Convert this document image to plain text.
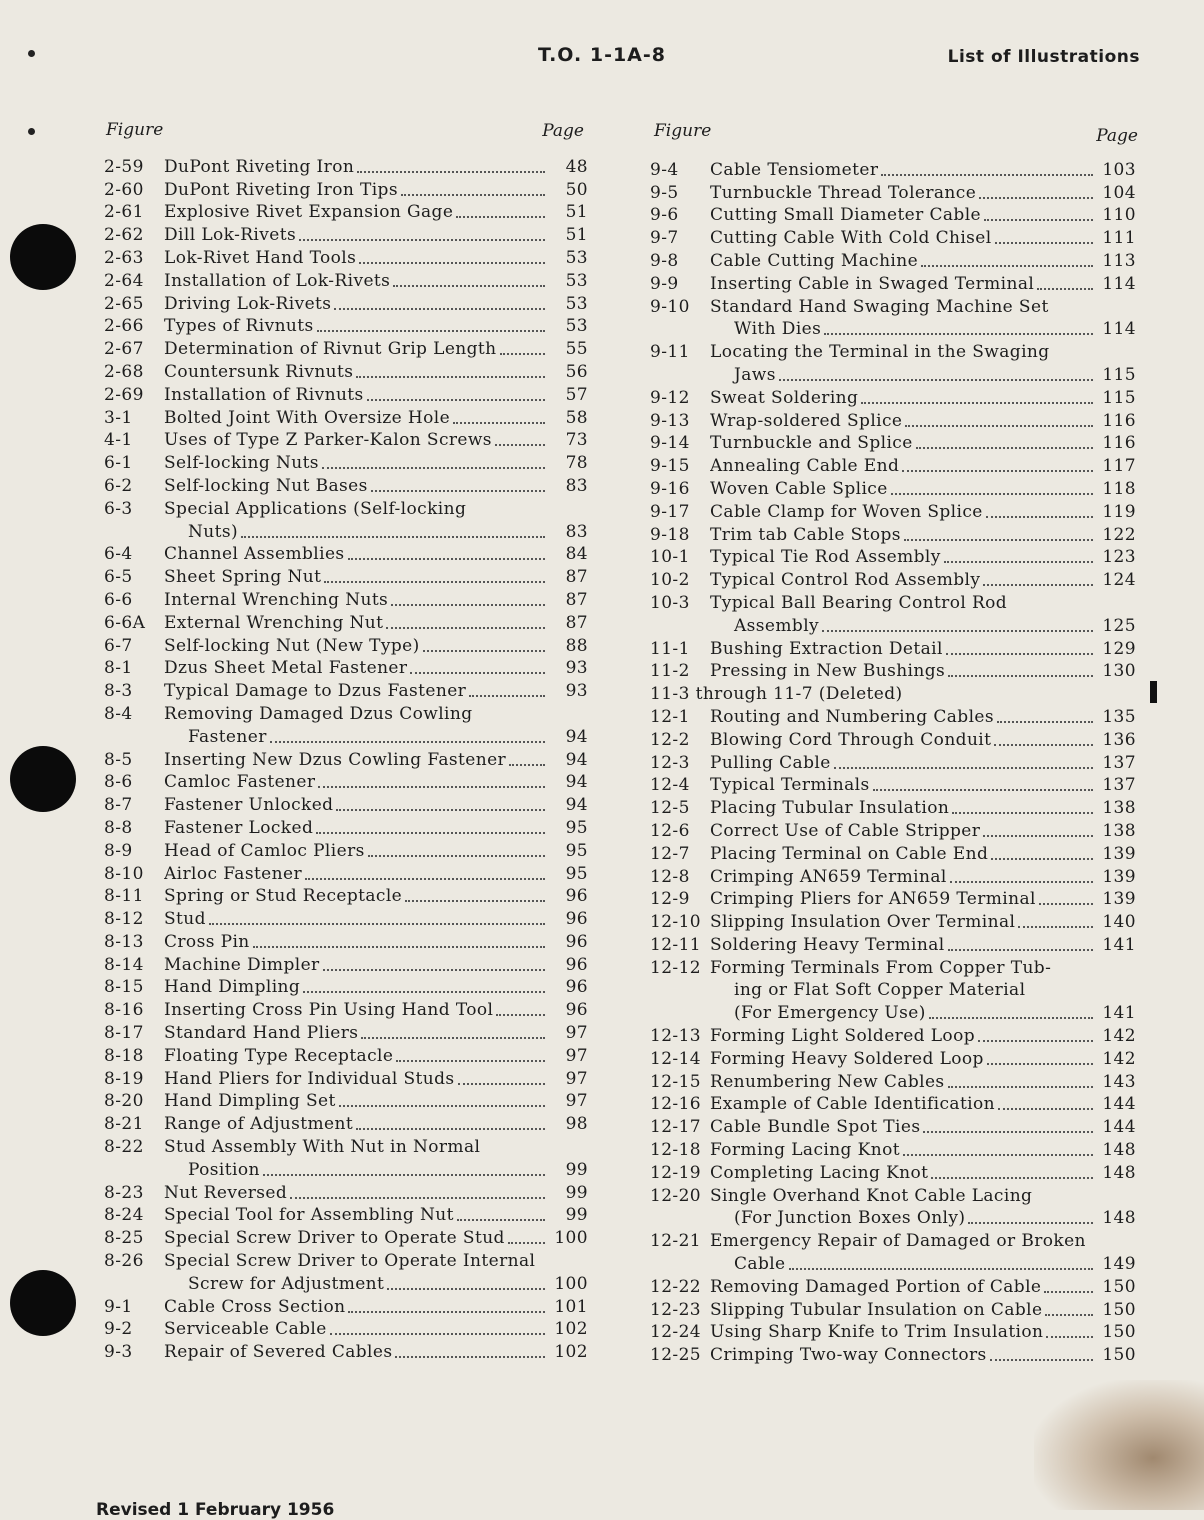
T.O. 1-1A-8	List of Illustrations
Figure	Page
2-59	DuPont Riveting Iron	48
2-60	DuPont Riveting Iron Tips	50
2-61	Explosive Rivet Expansion Gage	51
2-62	Dill Lok-Rivets	51
2-63	Lok-Rivet Hand Tools	53
2-64	Installation of Lok-Rivets	53
2-65	Driving Lok-Rivets	53
2-66	Types of Rivnuts	53
2-67	Determination of Rivnut Grip Length	55
2-68	Countersunk Rivnuts	56
2-69	Installation of Rivnuts	57
3-1	Bolted Joint With Oversize Hole	58
4-1	Uses of Type Z Parker-Kalon Screws	73
6-1	Self-locking Nuts	78
6-2	Self-locking Nut Bases	83
6-3	Special Applications (Self-locking
Nuts)	83
6-4	Channel Assemblies	84
6-5	Sheet Spring Nut	87
6-6	Internal Wrenching Nuts	87
6-6A	External Wrenching Nut	87
6-7	Self-locking Nut (New Type)	88
8-1	Dzus Sheet Metal Fastener	93
8-3	Typical Damage to Dzus Fastener	93
8-4	Removing Damaged Dzus Cowling
Fastener	94
8-5	Inserting New Dzus Cowling Fastener	94
8-6	Camloc Fastener	94
8-7	Fastener Unlocked	94
8-8	Fastener Locked	95
8-9	Head of Camloc Pliers	95
8-10	Airloc Fastener	95
8-11	Spring or Stud Receptacle	96
8-12	Stud	96
8-13	Cross Pin	96
8-14	Machine Dimpler	96
8-15	Hand Dimpling	96
8-16	Inserting Cross Pin Using Hand Tool	96
8-17	Standard Hand Pliers	97
8-18	Floating Type Receptacle	97
8-19	Hand Pliers for Individual Studs	97
8-20	Hand Dimpling Set	97
8-21	Range of Adjustment	98
8-22	Stud Assembly With Nut in Normal
Position	99
8-23	Nut Reversed	99
8-24	Special Tool for Assembling Nut	99
8-25	Special Screw Driver to Operate Stud	100
8-26	Special Screw Driver to Operate Internal
Screw for Adjustment	100
9-1	Cable Cross Section	101
9-2	Serviceable Cable	102
9-3	Repair of Severed Cables	102
Figure	Page
9-4	Cable Tensiometer	103
9-5	Turnbuckle Thread Tolerance	104
9-6	Cutting Small Diameter Cable	110
9-7	Cutting Cable With Cold Chisel	111
9-8	Cable Cutting Machine	113
9-9	Inserting Cable in Swaged Terminal	114
9-10	Standard Hand Swaging Machine Set
With Dies	114
9-11	Locating the Terminal in the Swaging
Jaws	115
9-12	Sweat Soldering	115
9-13	Wrap-soldered Splice	116
9-14	Turnbuckle and Splice	116
9-15	Annealing Cable End	117
9-16	Woven Cable Splice	118
9-17	Cable Clamp for Woven Splice	119
9-18	Trim tab Cable Stops	122
10-1	Typical Tie Rod Assembly	123
10-2	Typical Control Rod Assembly	124
10-3	Typical Ball Bearing Control Rod
Assembly	125
11-1	Bushing Extraction Detail	129
11-2	Pressing in New Bushings	130
11-3 through 11-7 (Deleted)
12-1	Routing and Numbering Cables	135
12-2	Blowing Cord Through Conduit	136
12-3	Pulling Cable	137
12-4	Typical Terminals	137
12-5	Placing Tubular Insulation	138
12-6	Correct Use of Cable Stripper	138
12-7	Placing Terminal on Cable End	139
12-8	Crimping AN659 Terminal	139
12-9	Crimping Pliers for AN659 Terminal	139
12-10 Slipping Insulation Over Terminal	140
12-11 Soldering Heavy Terminal	141
12-12 Forming Terminals From Copper Tub-
ing or Flat Soft Copper Material
(For Emergency Use)	141
12-13 Forming Light Soldered Loop	142
12-14 Forming Heavy Soldered Loop	142
12-15 Renumbering New Cables	143
12-16 Example of Cable Identification	144
12-17 Cable Bundle Spot Ties	144
12-18 Forming Lacing Knot	148
12-19 Completing Lacing Knot	148
12-20 Single Overhand Knot Cable Lacing
(For Junction Boxes Only)	148
12-21 Emergency Repair of Damaged or Broken
Cable	149
12-22 Removing Damaged Portion of Cable	150
12-23 Slipping Tubular Insulation on Cable	150
12-24 Using Sharp Knife to Trim Insulation	150
12-25 Crimping Two-way Connectors	150
Revised 1 February 1956
